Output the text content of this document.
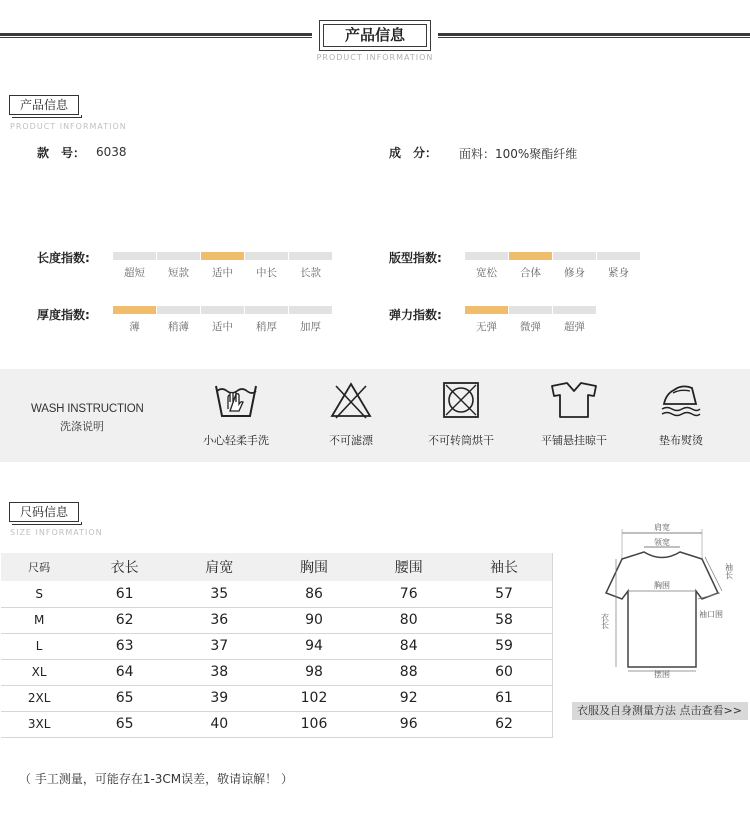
产品信息
PRODUCT INFORMATION
产品信息
PRODUCT INFORMATION
款　号： 6038	成　分： 面料：100%聚酯纤维
长度指数:
超短	短款	适中	中长	长款
版型指数:
宽松	合体	修身	紧身
厚度指数:
薄	稍薄	适中	稍厚	加厚
弹力指数:
无弹	微弹	超弹
WASH INSTRUCTION
洗涤说明
小心轻柔手洗	不可滤漂	不可转筒烘干	平铺悬挂晾干	垫布熨烫
尺码信息
SIZE INFORMATION
尺码	衣长	肩宽	胸围	腰围	袖长
S	61	35	86	76	57
M	62	36	90	80	58
L	63	37	94	84	59
XL	64	38	98	88	60
2XL	65	39	102	92	61
3XL	65	40	106	96	62
肩宽
领宽
胸围
衣长
袖长
袖口围
摆围
衣服及自身测量方法 点击查看>>
（ 手工测量，可能存在1-3CM误差，敬请谅解！ ）
